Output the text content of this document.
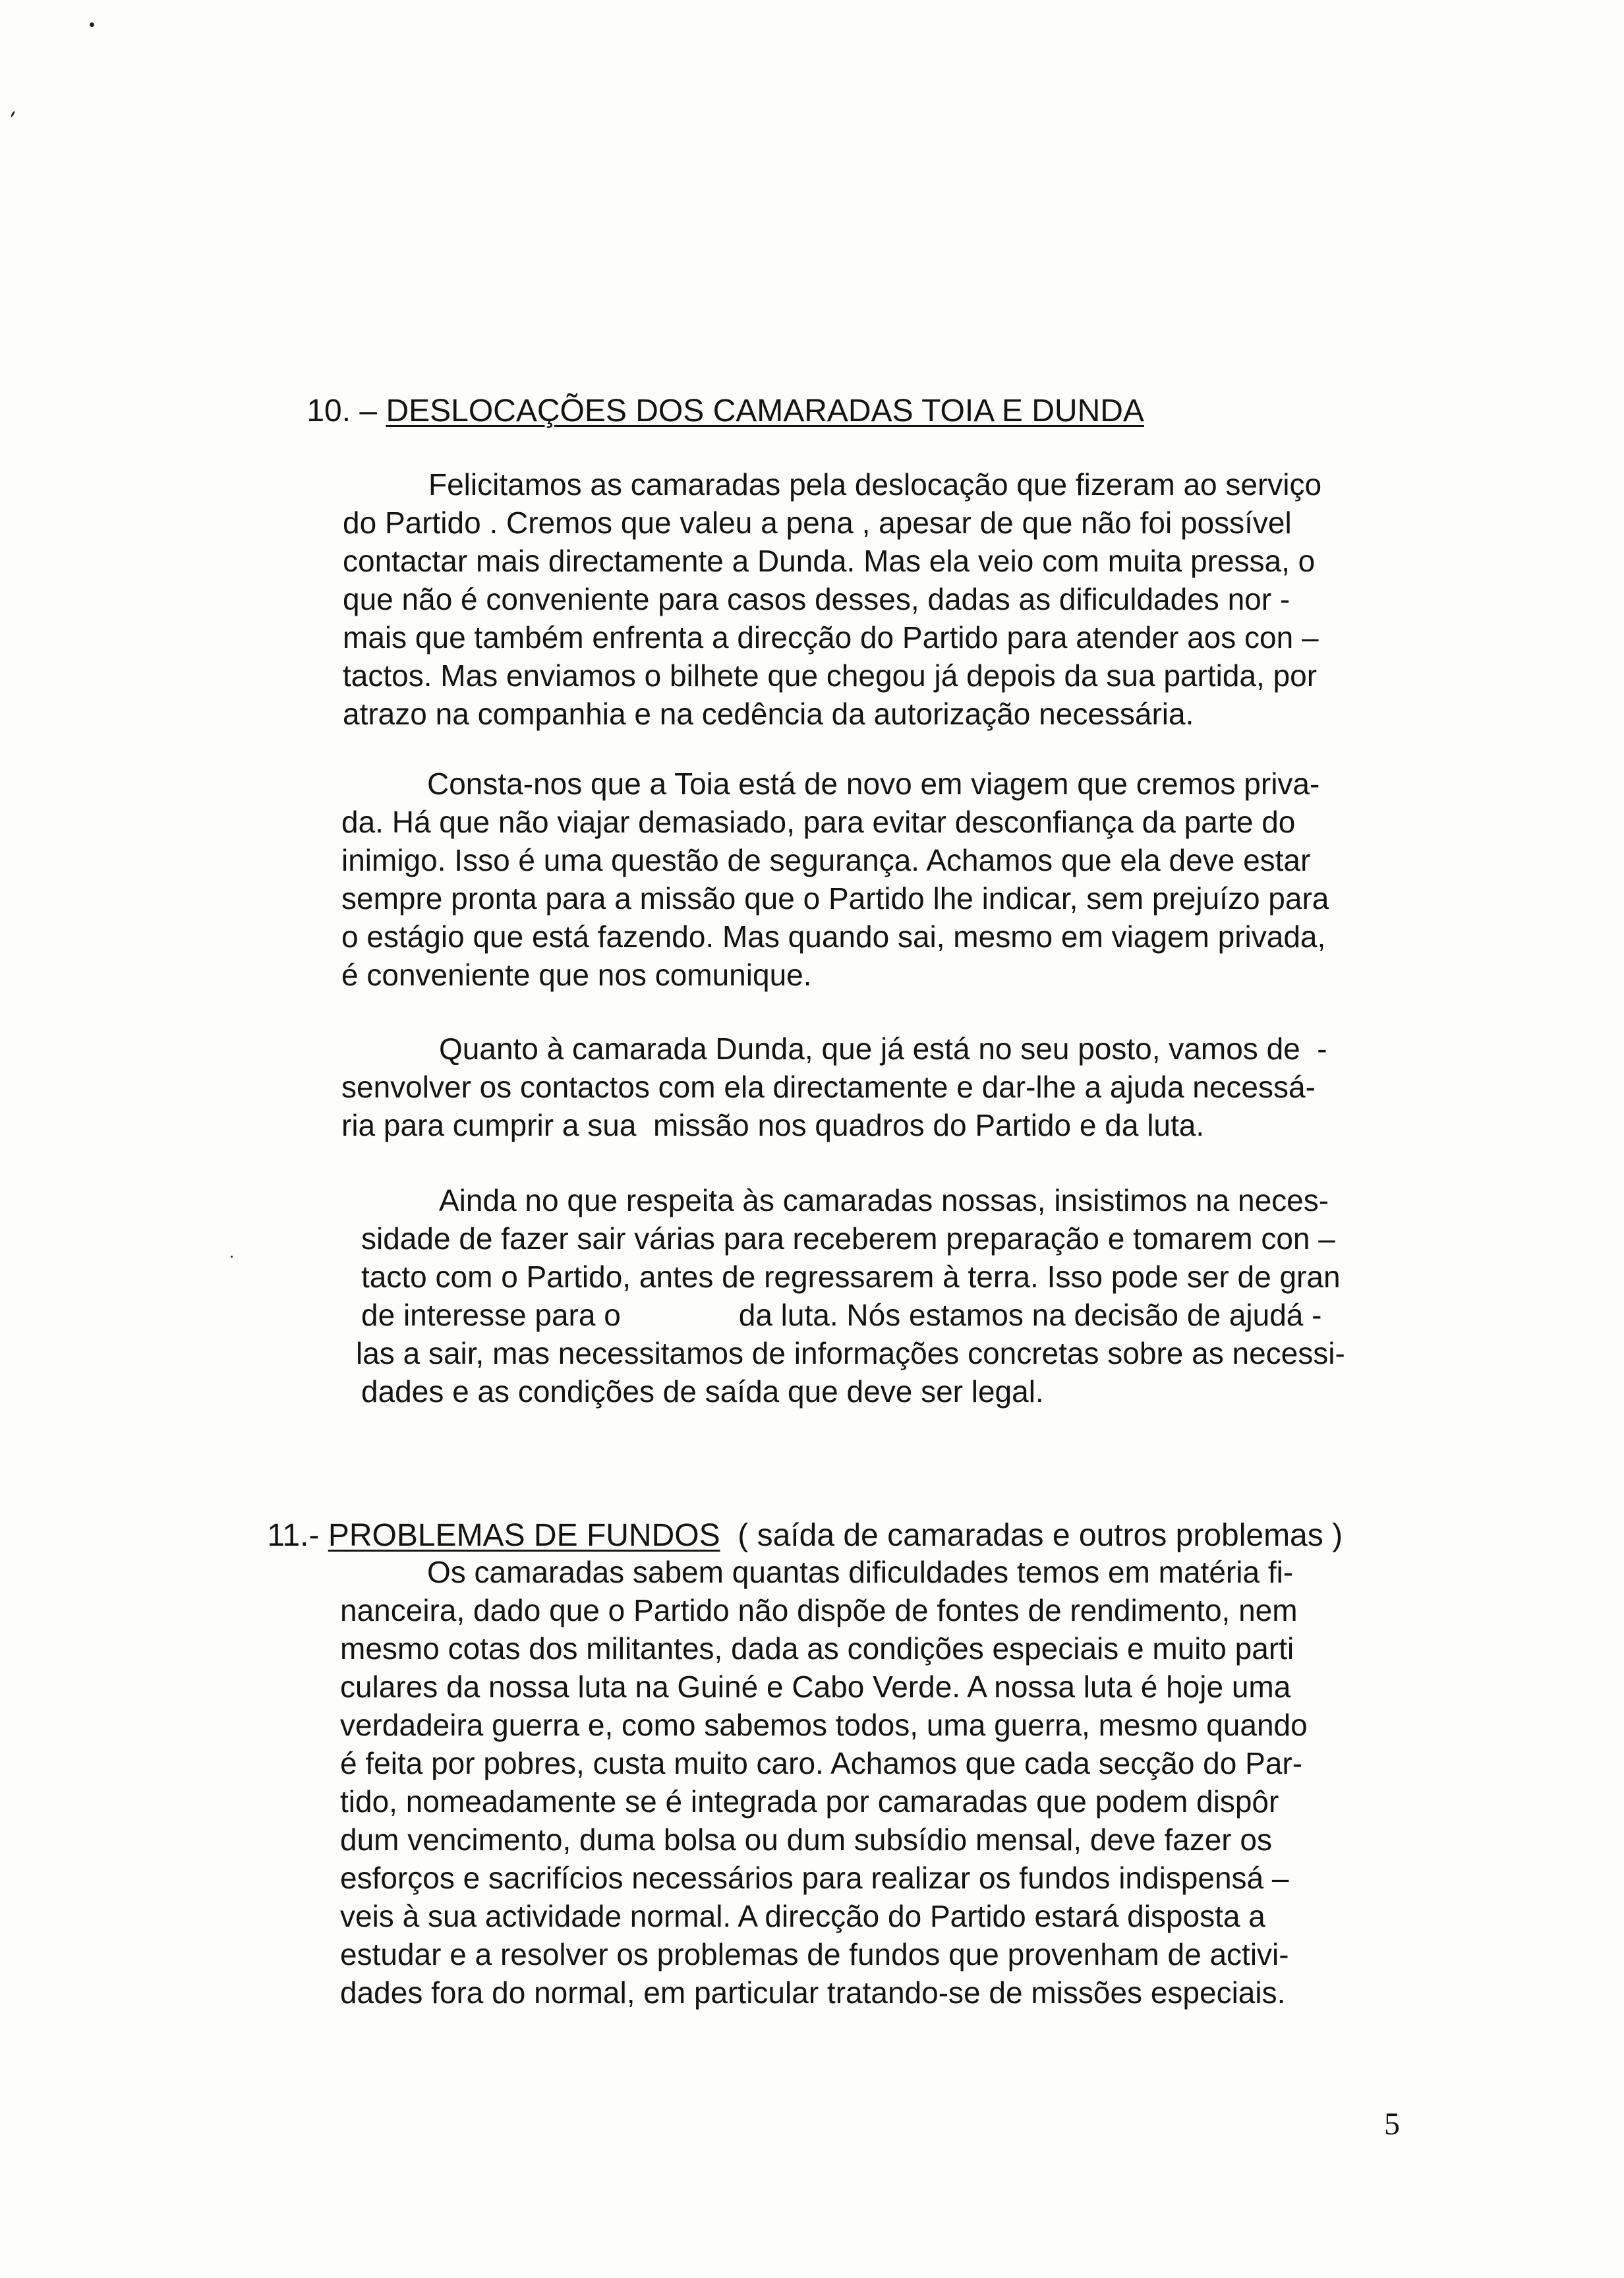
10. – DESLOCAÇÕES DOS CAMARADAS TOIA E DUNDA

Felicitamos as camaradas pela deslocação que fizeram ao serviço
do Partido . Cremos que valeu a pena , apesar de que não foi possível
contactar mais directamente a Dunda. Mas ela veio com muita pressa, o
que não é conveniente para casos desses, dadas as dificuldades nor -
mais que também enfrenta a direcção do Partido para atender aos con –
tactos. Mas enviamos o bilhete que chegou já depois da sua partida, por
atrazo na companhia e na cedência da autorização necessária.
Consta-nos que a Toia está de novo em viagem que cremos priva-
da. Há que não viajar demasiado, para evitar desconfiança da parte do
inimigo. Isso é uma questão de segurança. Achamos que ela deve estar
sempre pronta para a missão que o Partido lhe indicar, sem prejuízo para
o estágio que está fazendo. Mas quando sai, mesmo em viagem privada,
é conveniente que nos comunique.
Quanto à camarada Dunda, que já está no seu posto, vamos de  -
senvolver os contactos com ela directamente e dar-lhe a ajuda necessá-
ria para cumprir a sua  missão nos quadros do Partido e da luta.
Ainda no que respeita às camaradas nossas, insistimos na neces-
sidade de fazer sair várias para receberem preparação e tomarem con –
tacto com o Partido, antes de regressarem à terra. Isso pode ser de gran
de interesse para o              da luta. Nós estamos na decisão de ajudá -
las a sair, mas necessitamos de informações concretas sobre as necessi-
dades e as condições de saída que deve ser legal.

11.- PROBLEMAS DE FUNDOS  ( saída de camaradas e outros problemas )

Os camaradas sabem quantas dificuldades temos em matéria fi-
nanceira, dado que o Partido não dispõe de fontes de rendimento, nem
mesmo cotas dos militantes, dada as condições especiais e muito parti
culares da nossa luta na Guiné e Cabo Verde. A nossa luta é hoje uma
verdadeira guerra e, como sabemos todos, uma guerra, mesmo quando
é feita por pobres, custa muito caro. Achamos que cada secção do Par-
tido, nomeadamente se é integrada por camaradas que podem dispôr
dum vencimento, duma bolsa ou dum subsídio mensal, deve fazer os
esforços e sacrifícios necessários para realizar os fundos indispensá –
veis à sua actividade normal. A direcção do Partido estará disposta a
estudar e a resolver os problemas de fundos que provenham de activi-
dades fora do normal, em particular tratando-se de missões especiais.
5
